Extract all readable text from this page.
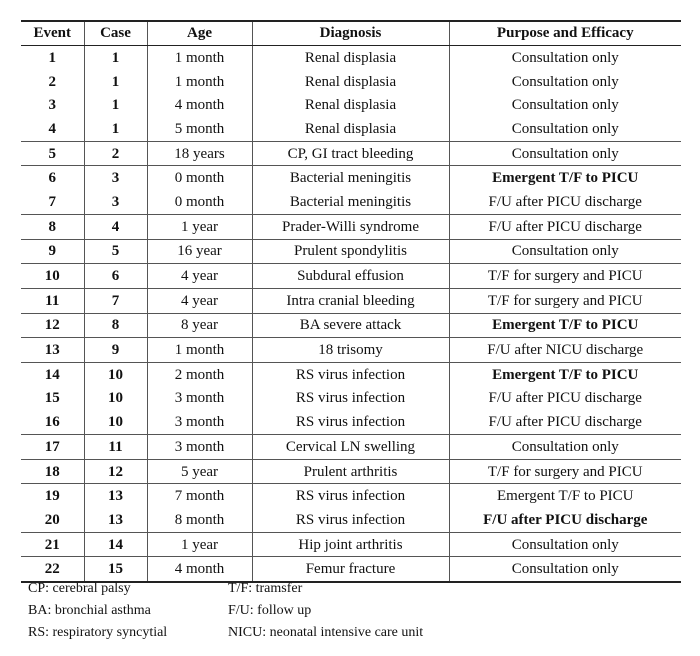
Event	Case	Age	Diagnosis	Purpose and Efficacy
1	1	1 month	Renal displasia	Consultation only
2	1	1 month	Renal displasia	Consultation only
3	1	4 month	Renal displasia	Consultation only
4	1	5 month	Renal displasia	Consultation only
5	2	18 years	CP, GI tract bleeding	Consultation only
6	3	0 month	Bacterial meningitis	Emergent T/F to PICU
7	3	0 month	Bacterial meningitis	F/U after PICU discharge
8	4	1 year	Prader-Willi syndrome	F/U after PICU discharge
9	5	16 year	Prulent spondylitis	Consultation only
10	6	4 year	Subdural effusion	T/F for surgery and PICU
11	7	4 year	Intra cranial bleeding	T/F for surgery and PICU
12	8	8 year	BA severe attack	Emergent T/F to PICU
13	9	1 month	18 trisomy	F/U after NICU discharge
14	10	2 month	RS virus infection	Emergent T/F to PICU
15	10	3 month	RS virus infection	F/U after PICU discharge
16	10	3 month	RS virus infection	F/U after PICU discharge
17	11	3 month	Cervical LN swelling	Consultation only
18	12	5 year	Prulent arthritis	T/F for surgery and PICU
19	13	7 month	RS virus infection	Emergent T/F to PICU
20	13	8 month	RS virus infection	F/U after PICU discharge
21	14	1 year	Hip joint arthritis	Consultation only
22	15	4 month	Femur fracture	Consultation only
CP: cerebral palsy	T/F: tramsfer
BA: bronchial asthma	F/U: follow up
RS: respiratory syncytial	NICU: neonatal intensive care unit
